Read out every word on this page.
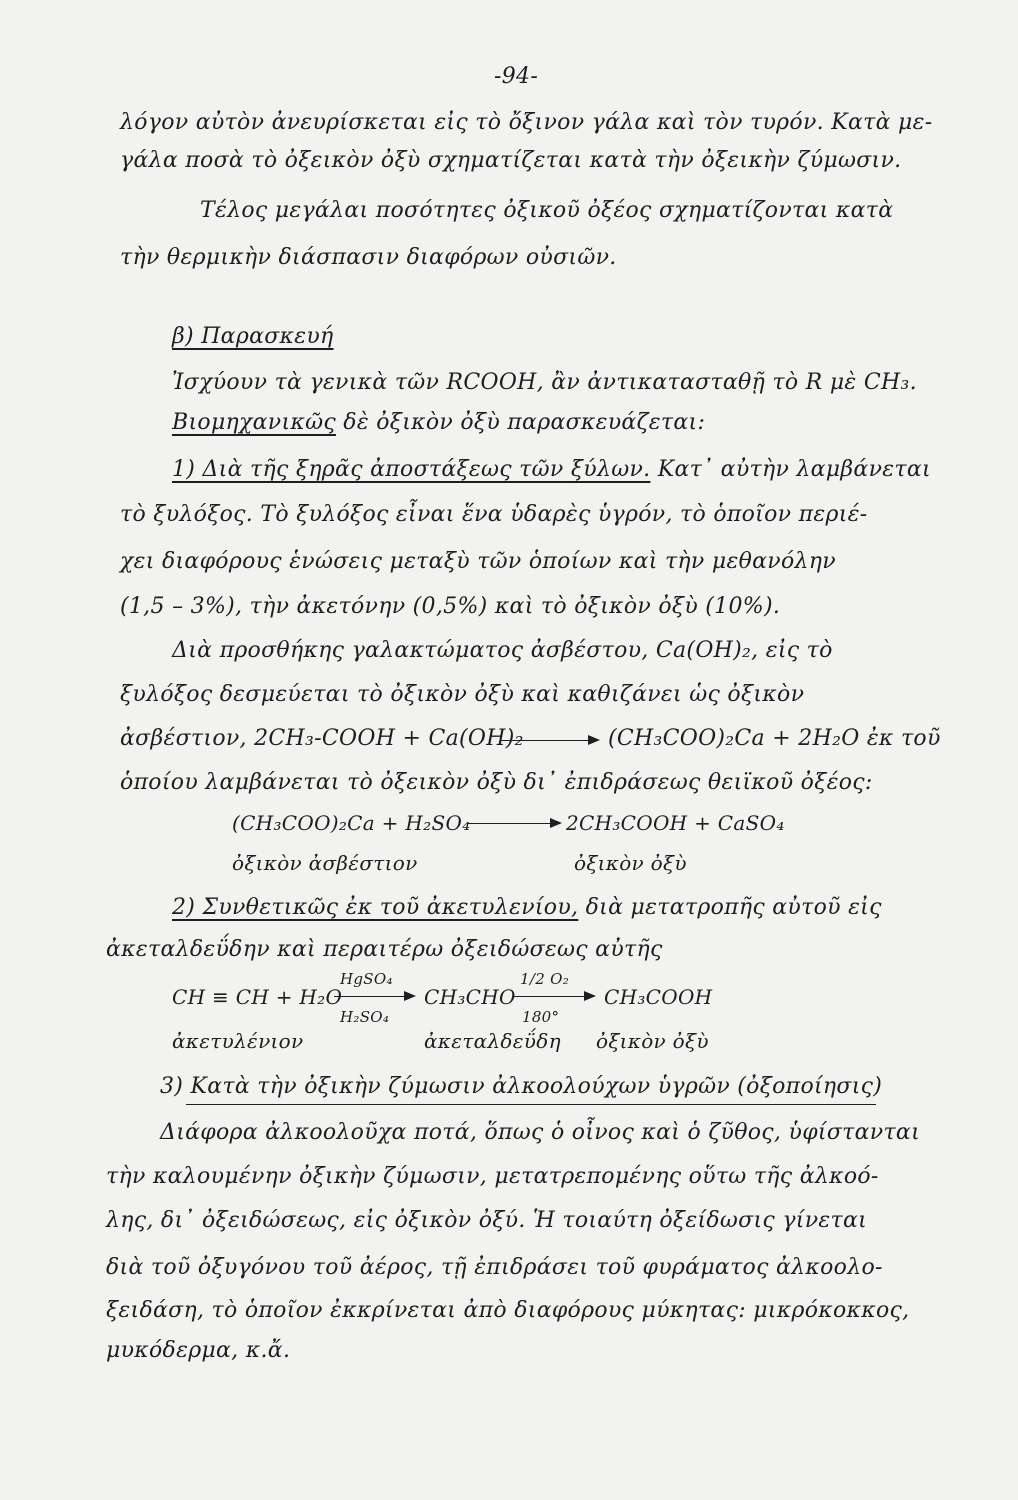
-94-
λόγον αὐτὸν ἀνευρίσκεται εἰς τὸ ὄξινον γάλα καὶ τὸν τυρόν. Κατὰ με-
γάλα ποσὰ τὸ ὀξεικὸν ὀξὺ σχηματίζεται κατὰ τὴν ὀξεικὴν ζύμωσιν.
Τέλος μεγάλαι ποσότητες ὀξικοῦ ὀξέος σχηματίζονται κατὰ
τὴν θερμικὴν διάσπασιν διαφόρων οὐσιῶν.
β) Παρασκευή
Ἰσχύουν τὰ γενικὰ τῶν RCOOH, ἂν ἀντικατασταθῇ τὸ R μὲ CH₃.
Βιομηχανικῶς δὲ ὀξικὸν ὀξὺ παρασκευάζεται:
1) Διὰ τῆς ξηρᾶς ἀποστάξεως τῶν ξύλων. Κατ᾽ αὐτὴν λαμβάνεται
τὸ ξυλόξος. Τὸ ξυλόξος εἶναι ἕνα ὑδαρὲς ὑγρόν, τὸ ὁποῖον περιέ-
χει διαφόρους ἑνώσεις μεταξὺ τῶν ὁποίων καὶ τὴν μεθανόλην
(1,5 – 3%), τὴν ἀκετόνην (0,5%) καὶ τὸ ὀξικὸν ὀξὺ (10%).
Διὰ προσθήκης γαλακτώματος ἀσβέστου, Ca(OH)₂, εἰς τὸ
ξυλόξος δεσμεύεται τὸ ὀξικὸν ὀξὺ καὶ καθιζάνει ὡς ὀξικὸν
ἀσβέστιον, 2CH₃-COOH + Ca(OH)₂	(CH₃COO)₂Ca + 2H₂O ἐκ τοῦ
ὁποίου λαμβάνεται τὸ ὀξεικὸν ὀξὺ δι᾽ ἐπιδράσεως θειϊκοῦ ὀξέος:
(CH₃COO)₂Ca + H₂SO₄	2CH₃COOH + CaSO₄
ὀξικὸν ἀσβέστιον	ὀξικὸν ὀξὺ
2) Συνθετικῶς ἐκ τοῦ ἀκετυλενίου, διὰ μετατροπῆς αὐτοῦ εἰς
ἀκεταλδεΰδην καὶ περαιτέρω ὀξειδώσεως αὐτῆς
CH ≡ CH + H₂O
HgSO₄
H₂SO₄
CH₃CHO
1/2 O₂
180°
CH₃COOH
ἀκετυλένιον	ἀκεταλδεΰδη ὀξικὸν ὀξὺ
3) Κατὰ τὴν ὀξικὴν ζύμωσιν ἀλκοολούχων ὑγρῶν (ὀξοποίησις)
Διάφορα ἀλκοολοῦχα ποτά, ὅπως ὁ οἶνος καὶ ὁ ζῦθος, ὑφίστανται
τὴν καλουμένην ὀξικὴν ζύμωσιν, μετατρεπομένης οὕτω τῆς ἀλκοό-
λης, δι᾽ ὀξειδώσεως, εἰς ὀξικὸν ὀξύ. Ἡ τοιαύτη ὀξείδωσις γίνεται
διὰ τοῦ ὀξυγόνου τοῦ ἀέρος, τῇ ἐπιδράσει τοῦ φυράματος ἀλκοολο-
ξειδάση, τὸ ὁποῖον ἐκκρίνεται ἀπὸ διαφόρους μύκητας: μικρόκοκκος,
μυκόδερμα, κ.ἄ.
